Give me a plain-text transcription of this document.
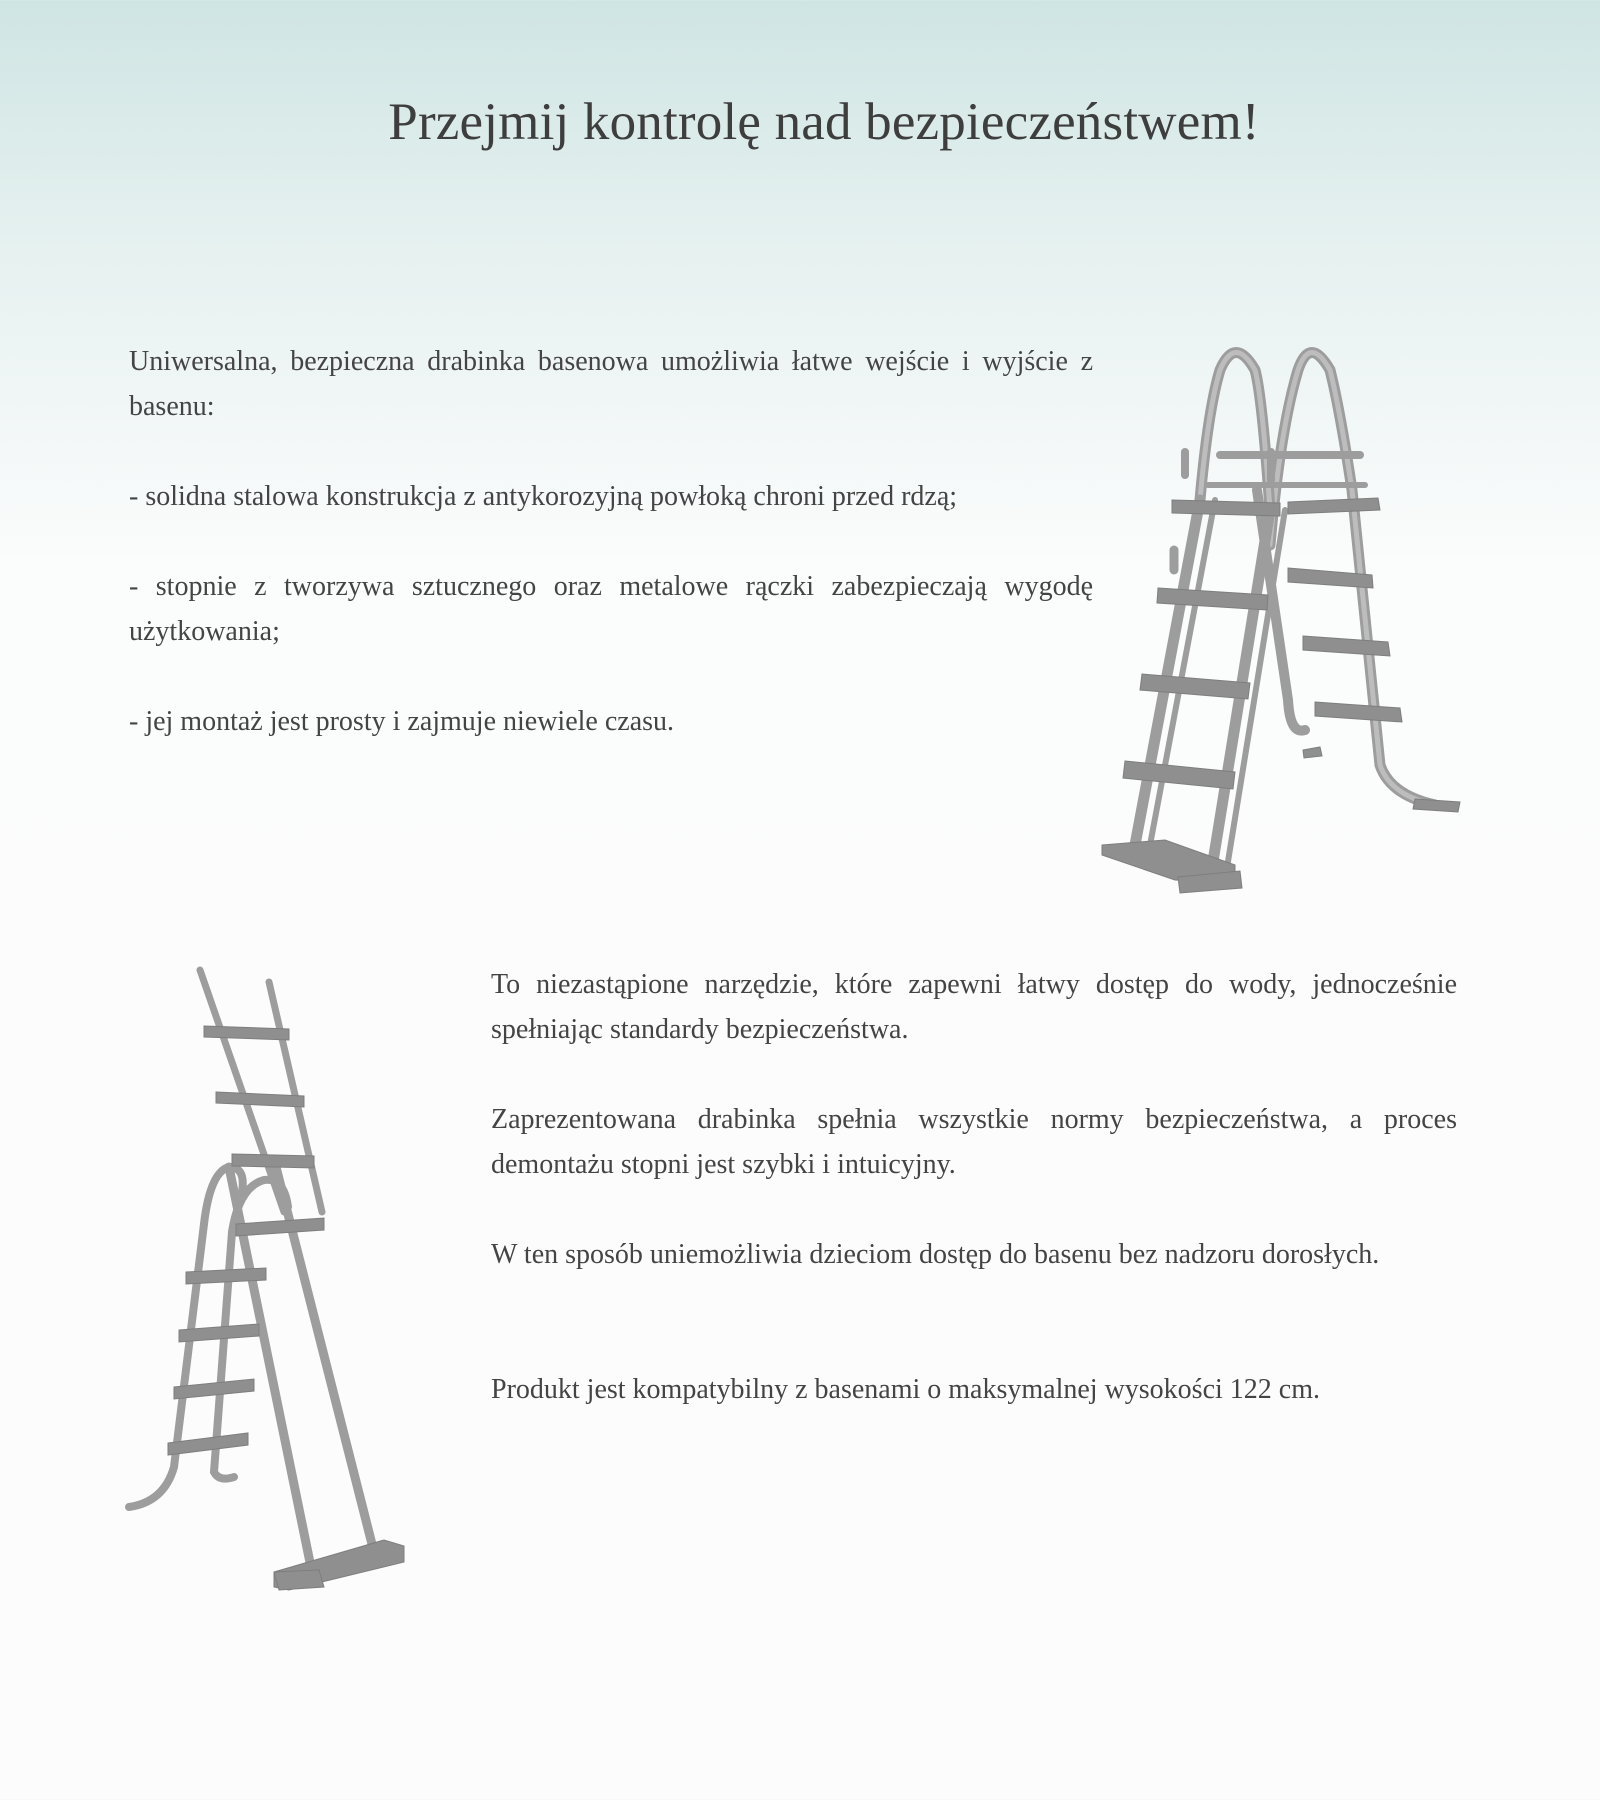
Przejmij kontrolę nad bezpieczeństwem!

Uniwersalna, bezpieczna drabinka basenowa umożliwia łatwe wejście i wyjście z basenu:

- solidna stalowa konstrukcja z antykorozyjną powłoką chroni przed rdzą;

- stopnie z tworzywa sztucznego oraz metalowe rączki zabezpieczają wygodę użytkowania;

- jej montaż jest prosty i zajmuje niewiele czasu.

To niezastąpione narzędzie, które zapewni łatwy dostęp do wody, jednocześnie spełniając standardy bezpieczeństwa.

Zaprezentowana drabinka spełnia wszystkie normy bezpieczeństwa, a proces demontażu stopni jest szybki i intuicyjny.

W ten sposób uniemożliwia dzieciom dostęp do basenu bez nadzoru dorosłych.

Produkt jest kompatybilny z basenami o maksymalnej wysokości 122 cm.
